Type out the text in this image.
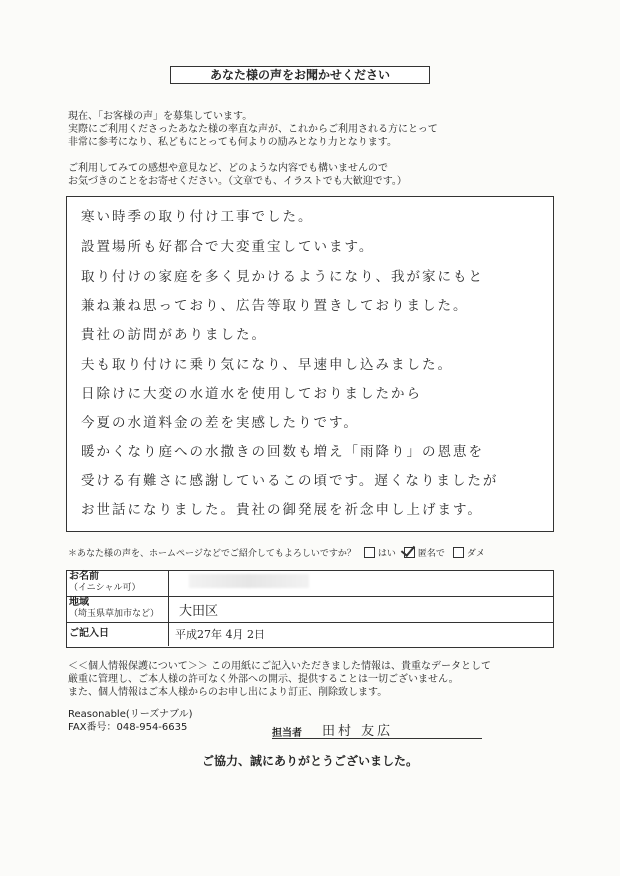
あなた様の声をお聞かせください
現在、「お客様の声」を募集しています。
実際にご利用くださったあなた様の率直な声が、これからご利用される方にとって
非常に参考になり、私どもにとっても何よりの励みとなり力となります。
ご利用してみての感想や意見など、どのような内容でも構いませんので
お気づきのことをお寄せください。（文章でも、イラストでも大歓迎です。）
寒い時季の取り付け工事でした。
設置場所も好都合で大変重宝しています。
取り付けの家庭を多く見かけるようになり、我が家にもと
兼ね兼ね思っており、広告等取り置きしておりました。
貴社の訪問がありました。
夫も取り付けに乗り気になり、早速申し込みました。
日除けに大変の水道水を使用しておりましたから
今夏の水道料金の差を実感したりです。
暖かくなり庭への水撒きの回数も増え「雨降り」の恩恵を
受ける有難さに感謝しているこの頃です。遅くなりましたが
お世話になりました。貴社の御発展を祈念申し上げます。
＊あなた様の声を、ホームページなどでご紹介してもよろしいですか？ はい 匿名で ダメ
お名前
（イニシャル可）
地域
（埼玉県草加市など）	大田区
ご記入日	平成27年 4月 2日
＜＜個人情報保護について＞＞ この用紙にご記入いただきました情報は、貴重なデータとして
厳重に管理し、ご本人様の許可なく外部への開示、提供することは一切ございません。
また、個人情報はご本人様からのお申し出により訂正、削除致します。
Reasonable(リーズナブル)
FAX番号：048-954-6635
担当者 田村 友広
ご協力、誠にありがとうございました。
